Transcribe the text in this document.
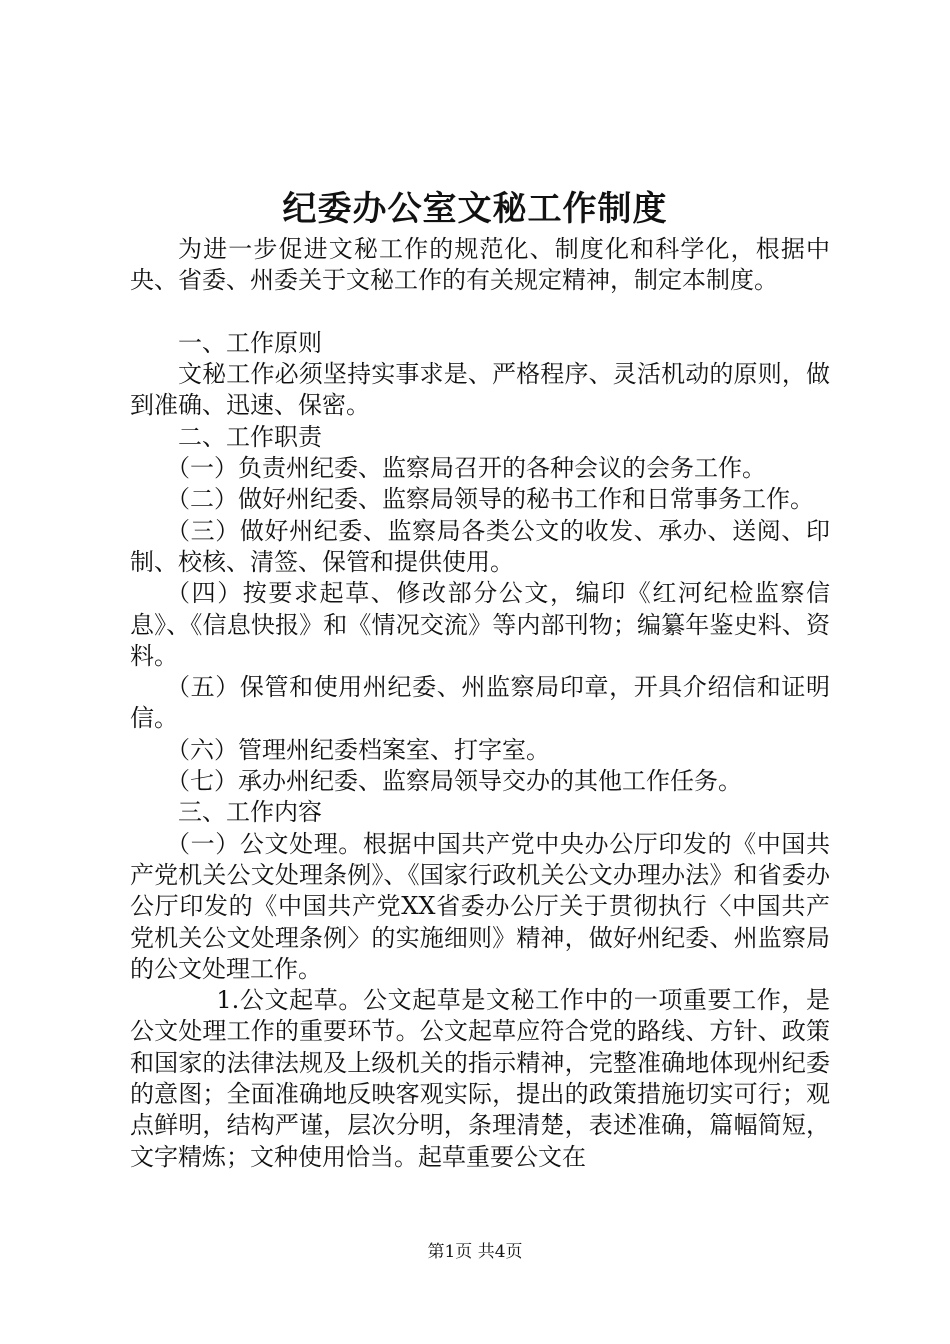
纪委办公室文秘工作制度

为进一步促进文秘工作的规范化、制度化和科学化，根据中央、省委、州委关于文秘工作的有关规定精神，制定本制度。

一、工作原则

文秘工作必须坚持实事求是、严格程序、灵活机动的原则，做到准确、迅速、保密。

二、工作职责

（一）负责州纪委、监察局召开的各种会议的会务工作。

（二）做好州纪委、监察局领导的秘书工作和日常事务工作。

（三）做好州纪委、监察局各类公文的收发、承办、送阅、印制、校核、清签、保管和提供使用。

（四）按要求起草、修改部分公文，编印《红河纪检监察信息》、《信息快报》和《情况交流》等内部刊物；编纂年鉴史料、资料。

（五）保管和使用州纪委、州监察局印章，开具介绍信和证明信。

（六）管理州纪委档案室、打字室。

（七）承办州纪委、监察局领导交办的其他工作任务。

三、工作内容

（一）公文处理。根据中国共产党中央办公厅印发的《中国共产党机关公文处理条例》、《国家行政机关公文办理办法》和省委办公厅印发的《中国共产党XX省委办公厅关于贯彻执行〈中国共产党机关公文处理条例〉的实施细则》精神，做好州纪委、州监察局的公文处理工作。

1.公文起草。公文起草是文秘工作中的一项重要工作，是公文处理工作的重要环节。公文起草应符合党的路线、方针、政策和国家的法律法规及上级机关的指示精神，完整准确地体现州纪委的意图；全面准确地反映客观实际，提出的政策措施切实可行；观点鲜明，结构严谨，层次分明，条理清楚，表述准确，篇幅简短，文字精炼；文种使用恰当。起草重要公文在

第1页 共4页
